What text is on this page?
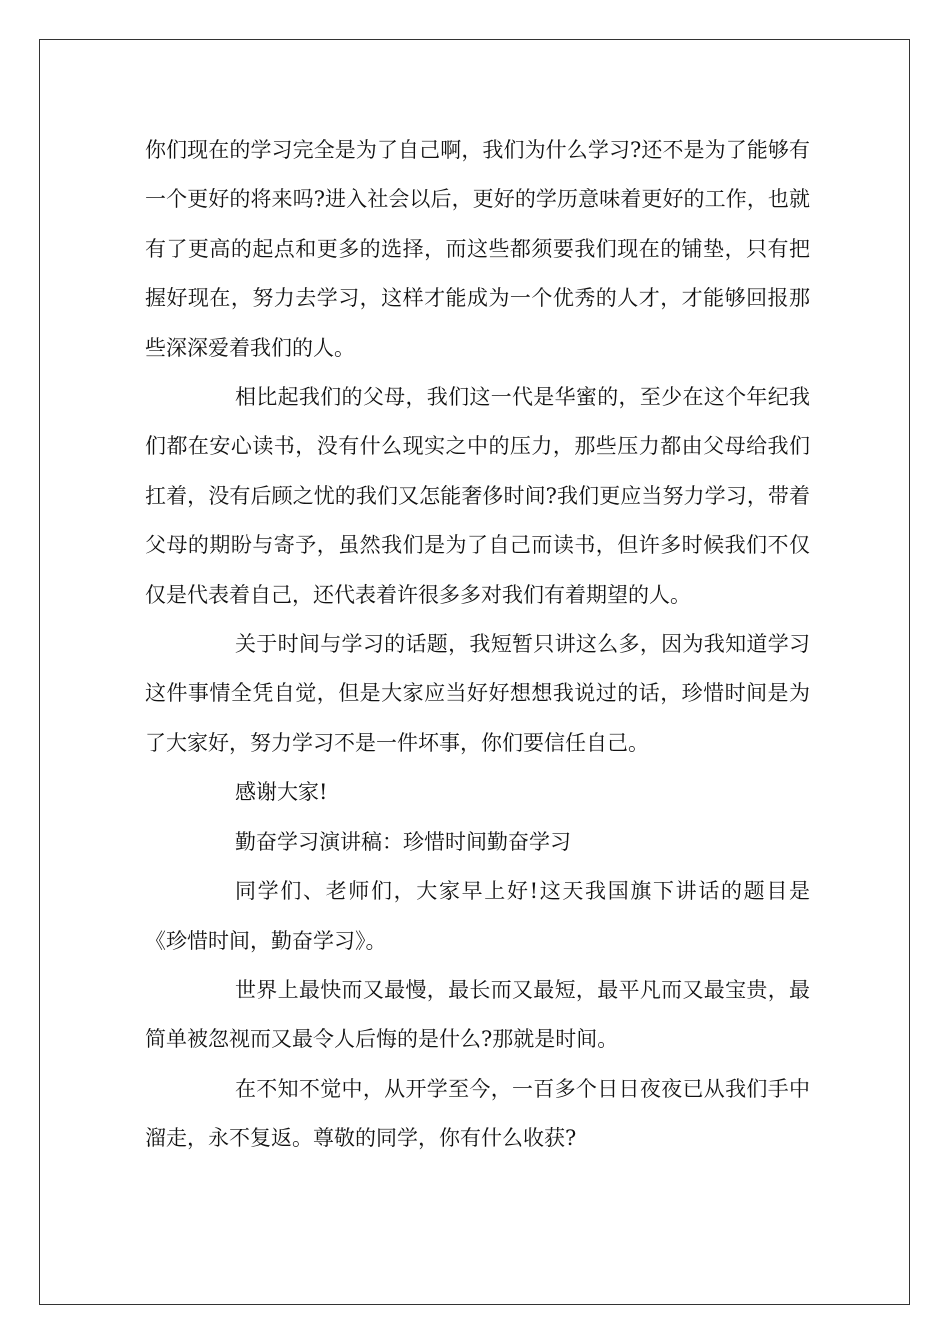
你们现在的学习完全是为了自己啊，我们为什么学习?还不是为了能够有一个更好的将来吗?进入社会以后，更好的学历意味着更好的工作，也就有了更高的起点和更多的选择，而这些都须要我们现在的铺垫，只有把握好现在，努力去学习，这样才能成为一个优秀的人才，才能够回报那些深深爱着我们的人。

相比起我们的父母，我们这一代是华蜜的，至少在这个年纪我们都在安心读书，没有什么现实之中的压力，那些压力都由父母给我们扛着，没有后顾之忧的我们又怎能奢侈时间?我们更应当努力学习，带着父母的期盼与寄予，虽然我们是为了自己而读书，但许多时候我们不仅仅是代表着自己，还代表着许很多多对我们有着期望的人。

关于时间与学习的话题，我短暂只讲这么多，因为我知道学习这件事情全凭自觉，但是大家应当好好想想我说过的话，珍惜时间是为了大家好，努力学习不是一件坏事，你们要信任自己。

感谢大家!

勤奋学习演讲稿：珍惜时间勤奋学习

同学们、老师们，大家早上好!这天我国旗下讲话的题目是《珍惜时间，勤奋学习》。

世界上最快而又最慢，最长而又最短，最平凡而又最宝贵，最简单被忽视而又最令人后悔的是什么?那就是时间。

在不知不觉中，从开学至今，一百多个日日夜夜已从我们手中溜走，永不复返。尊敬的同学，你有什么收获?
